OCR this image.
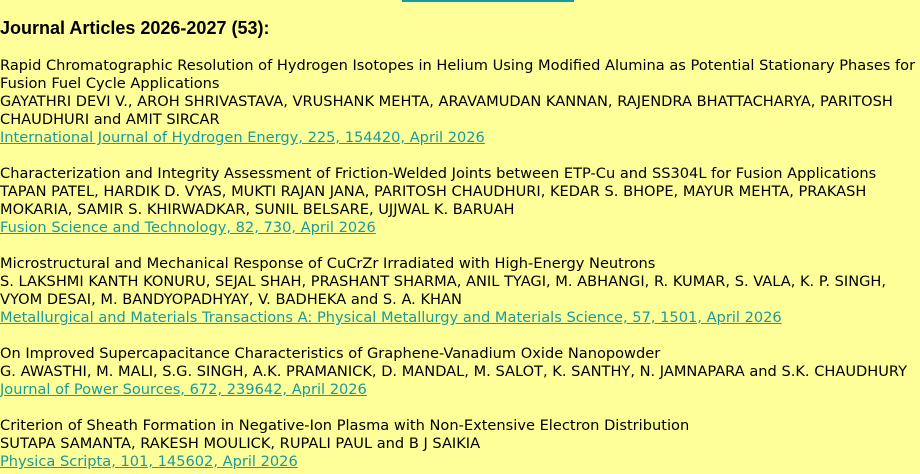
Journal Articles 2026-2027 (53):
Rapid Chromatographic Resolution of Hydrogen Isotopes in Helium Using Modified Alumina as Potential Stationary Phases for
Fusion Fuel Cycle Applications
GAYATHRI DEVI V., AROH SHRIVASTAVA, VRUSHANK MEHTA, ARAVAMUDAN KANNAN, RAJENDRA BHATTACHARYA, PARITOSH
CHAUDHURI and AMIT SIRCAR
International Journal of Hydrogen Energy, 225, 154420, April 2026
Characterization and Integrity Assessment of Friction-Welded Joints between ETP-Cu and SS304L for Fusion Applications
TAPAN PATEL, HARDIK D. VYAS, MUKTI RAJAN JANA, PARITOSH CHAUDHURI, KEDAR S. BHOPE, MAYUR MEHTA, PRAKASH
MOKARIA, SAMIR S. KHIRWADKAR, SUNIL BELSARE, UJJWAL K. BARUAH
Fusion Science and Technology, 82, 730, April 2026
Microstructural and Mechanical Response of CuCrZr Irradiated with High-Energy Neutrons
S. LAKSHMI KANTH KONURU, SEJAL SHAH, PRASHANT SHARMA, ANIL TYAGI, M. ABHANGI, R. KUMAR, S. VALA, K. P. SINGH,
VYOM DESAI, M. BANDYOPADHYAY, V. BADHEKA and S. A. KHAN
Metallurgical and Materials Transactions A: Physical Metallurgy and Materials Science, 57, 1501, April 2026
On Improved Supercapacitance Characteristics of Graphene-Vanadium Oxide Nanopowder
G. AWASTHI, M. MALI, S.G. SINGH, A.K. PRAMANICK, D. MANDAL, M. SALOT, K. SANTHY, N. JAMNAPARA and S.K. CHAUDHURY
Journal of Power Sources, 672, 239642, April 2026
Criterion of Sheath Formation in Negative-Ion Plasma with Non-Extensive Electron Distribution
SUTAPA SAMANTA, RAKESH MOULICK, RUPALI PAUL and B J SAIKIA
Physica Scripta, 101, 145602, April 2026
